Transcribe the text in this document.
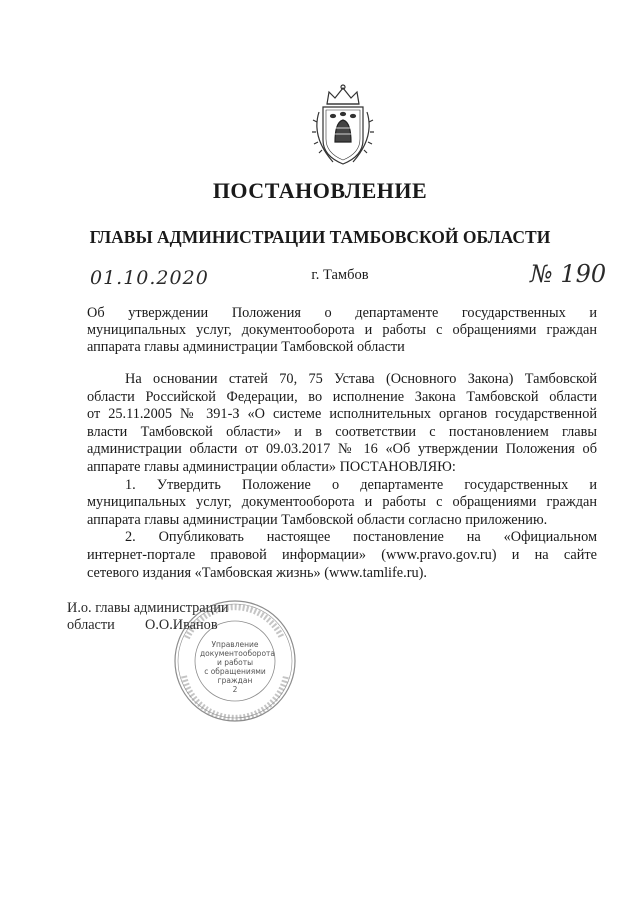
ПОСТАНОВЛЕНИЕ
ГЛАВЫ АДМИНИСТРАЦИИ ТАМБОВСКОЙ ОБЛАСТИ
01.10.2020	г. Тамбов	№ 190
Об утверждении Положения о департаменте государственных и
муниципальных услуг, документооборота и работы с обращениями граждан
аппарата главы администрации Тамбовской области
На основании статей 70, 75 Устава (Основного Закона) Тамбовской
области Российской Федерации, во исполнение Закона Тамбовской области
от 25.11.2005 № 391-З «О системе исполнительных органов государственной
власти Тамбовской области» и в соответствии с постановлением главы
администрации области от 09.03.2017 № 16 «Об утверждении Положения об
аппарате главы администрации области» ПОСТАНОВЛЯЮ:
1. Утвердить Положение о департаменте государственных и
муниципальных услуг, документооборота и работы с обращениями граждан
аппарата главы администрации Тамбовской области согласно приложению.
2. Опубликовать настоящее постановление на «Официальном
интернет-портале правовой информации» (www.pravo.gov.ru) и на сайте
сетевого издания «Тамбовская жизнь» (www.tamlife.ru).
И.о. главы администрации
области	О.О.Иванов
Управление
документооборота
и работы
с обращениями
граждан
2
